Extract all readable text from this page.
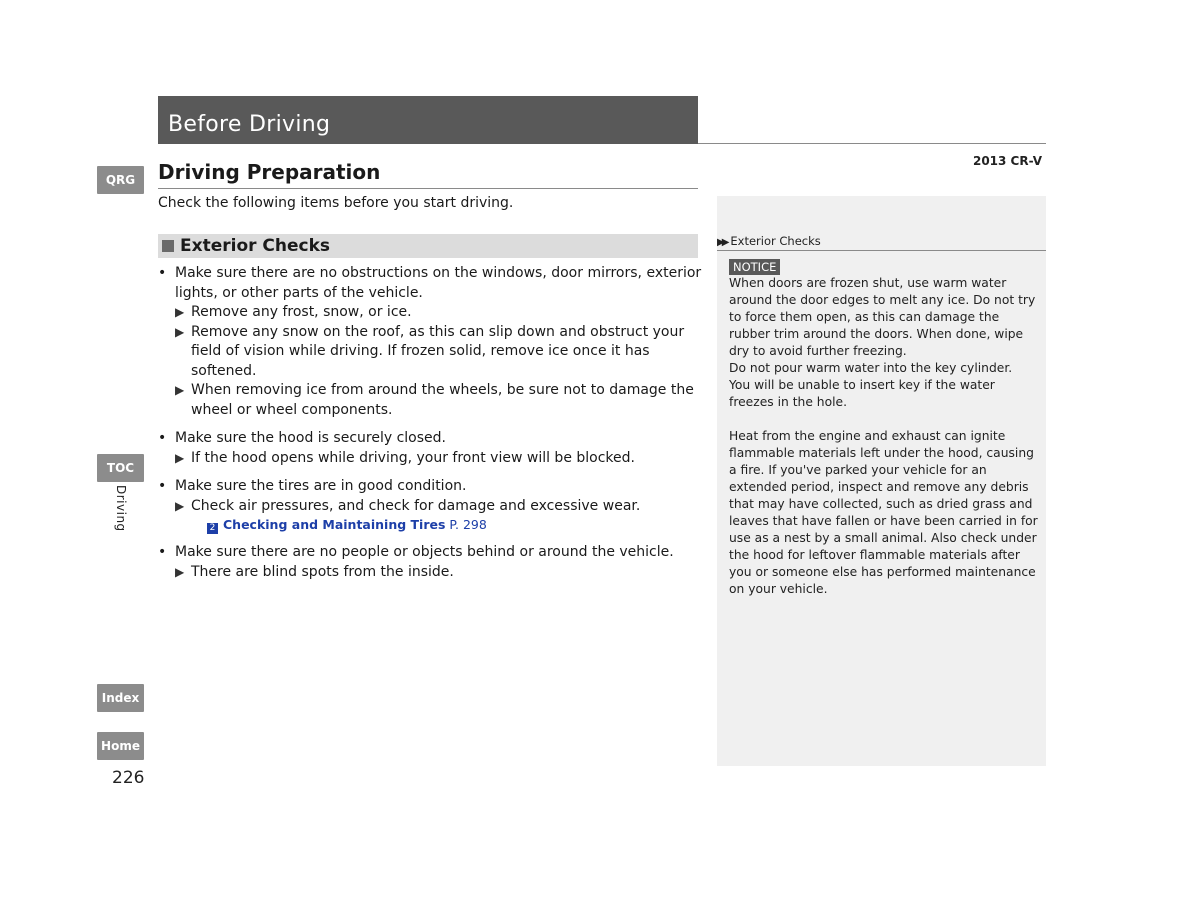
Before Driving
2013 CR-V
Driving Preparation
Check the following items before you start driving.
Exterior Checks
• Make sure there are no obstructions on the windows, door mirrors, exterior lights, or other parts of the vehicle.
▶ Remove any frost, snow, or ice.
▶ Remove any snow on the roof, as this can slip down and obstruct your field of vision while driving. If frozen solid, remove ice once it has softened.
▶ When removing ice from around the wheels, be sure not to damage the wheel or wheel components.
• Make sure the hood is securely closed.
▶ If the hood opens while driving, your front view will be blocked.
• Make sure the tires are in good condition.
▶ Check air pressures, and check for damage and excessive wear.
2 Checking and Maintaining Tires P. 298
• Make sure there are no people or objects behind or around the vehicle.
▶ There are blind spots from the inside.
▶▶ Exterior Checks
NOTICE

When doors are frozen shut, use warm water around the door edges to melt any ice. Do not try to force them open, as this can damage the rubber trim around the doors. When done, wipe dry to avoid further freezing.

Do not pour warm water into the key cylinder.

You will be unable to insert key if the water freezes in the hole.

Heat from the engine and exhaust can ignite flammable materials left under the hood, causing a fire. If you've parked your vehicle for an extended period, inspect and remove any debris that may have collected, such as dried grass and leaves that have fallen or have been carried in for use as a nest by a small animal. Also check under the hood for leftover flammable materials after you or someone else has performed maintenance on your vehicle.

QRG
TOC
Driving
Index
Home
226
